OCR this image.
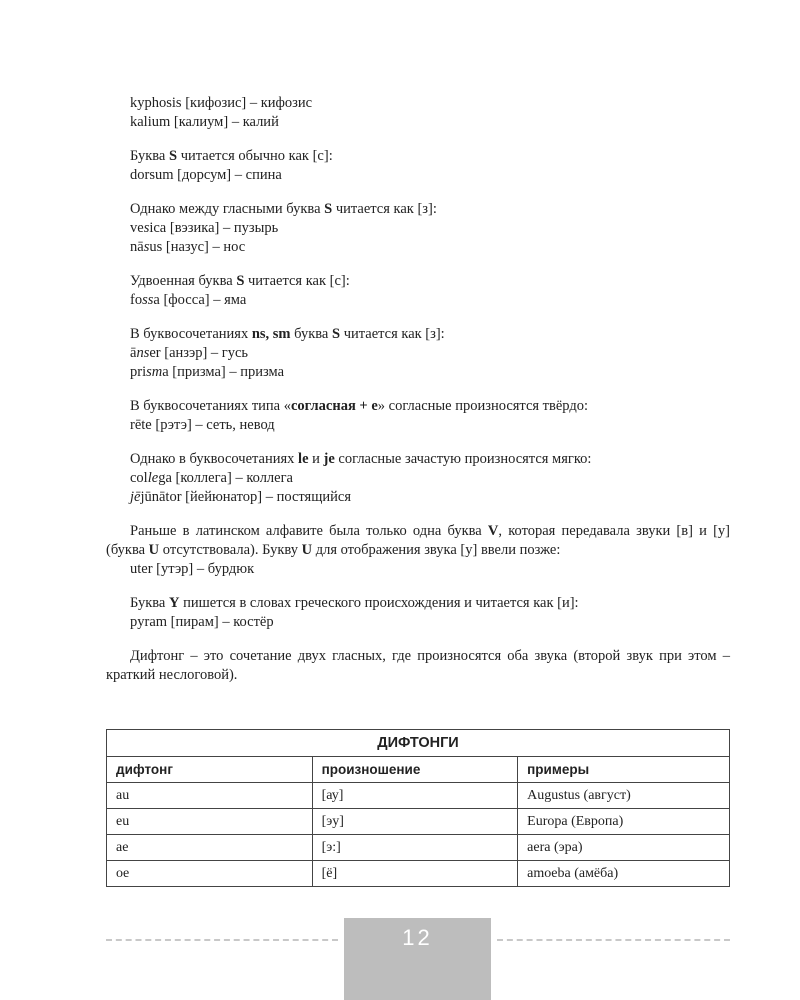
kyphosis [кифозис] – кифозис

kalium [калиум] – калий

Буква S читается обычно как [с]:

dorsum [дорсум] – спина

Однако между гласными буква S читается как [з]:

vesica [вэзика] – пузырь

nāsus [назус] – нос

Удвоенная буква S читается как [с]:

fossa [фосса] – яма

В буквосочетаниях ns, sm буква S читается как [з]:

ānser [анзэр] – гусь

prisma [призма] – призма

В буквосочетаниях типа «согласная + е» согласные произносятся твёрдо:

rēte [рэтэ] – сеть, невод

Однако в буквосочетаниях le и je согласные зачастую произносятся мягко:

collega [коллега] – коллега

jējūnātor [йейюнатор] – постящийся

Раньше в латинском алфавите была только одна буква V, которая передавала звуки [в] и [у] (буква U отсутствовала). Букву U для отображения звука [у] ввели позже:

uter [утэр] – бурдюк

Буква Y пишется в словах греческого происхождения и читается как [и]:

pyram [пирам] – костёр

Дифтонг – это сочетание двух гласных, где произносятся оба звука (второй звук при этом – краткий неслоговой).

ДИФТОНГИ		
дифтонг	произношение	примеры
au	[ау]	Augustus (август)
eu	[эу]	Europa (Европа)
ae	[э:]	aera (эра)
oe	[ё]	amoeba (амёба)
12
